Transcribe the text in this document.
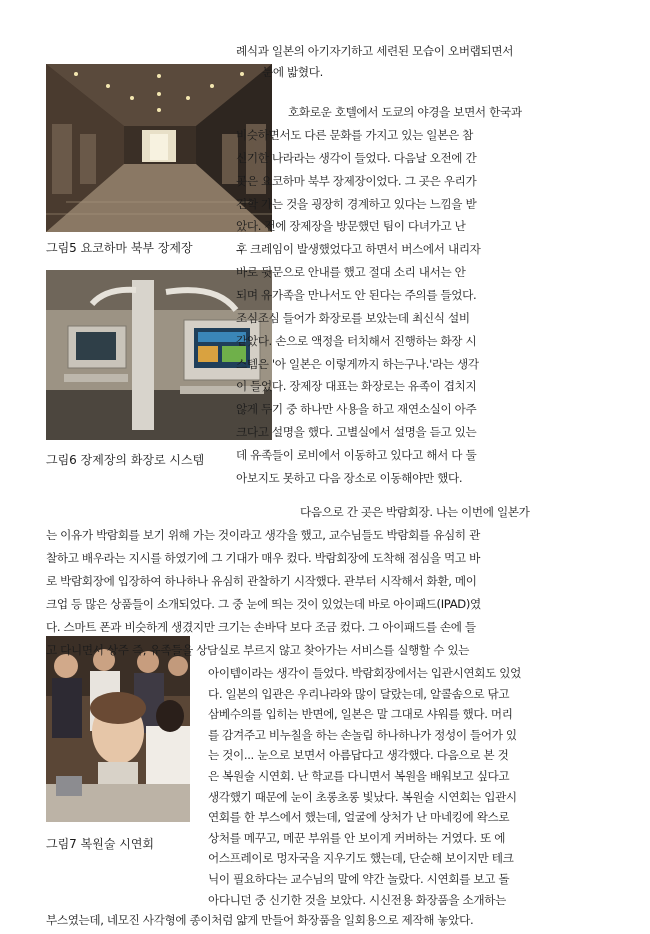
그림5 요코하마 북부 장제장
그림6 장제장의 화장로 시스템
그림7 복원술 시연회
례식과 일본의 아기자기하고 세련된 모습이 오버랩되면서
눈에 밟혔다.
호화로운 호텔에서 도쿄의 야경을 보면서 한국과
비슷하면서도 다른 문화를 가지고 있는 일본은 참
신기한 나라라는 생각이 들었다. 다음날 오전에 간
곳은 요코하마 북부 장제장이었다. 그 곳은 우리가
견학 가는 것을 굉장히 경계하고 있다는 느낌을 받
았다. 전에 장제장을 방문했던 팀이 다녀가고 난
후 크레임이 발생했었다고 하면서 버스에서 내리자
바로 뒷문으로 안내를 했고 절대 소리 내서는 안
되며 유가족을 만나서도 안 된다는 주의를 들었다.
조심조심 들어가 화장로를 보았는데 최신식 설비
같았다. 손으로 액정을 터치해서 진행하는 화장 시
스템은 '아 일본은 이렇게까지 하는구나.'라는 생각
이 들었다. 장제장 대표는 화장로는 유족이 겹치지
않게 두기 중 하나만 사용을 하고 재연소실이 아주
크다고 설명을 했다. 고별실에서 설명을 듣고 있는
데 유족들이 로비에서 이동하고 있다고 해서 다 둘
아보지도 못하고 다음 장소로 이동해야만 했다.
다음으로 간 곳은 박람회장. 나는 이번에 일본가
는 이유가 박람회를 보기 위해 가는 것이라고 생각을 했고, 교수님들도 박람회를 유심히 관
찰하고 배우라는 지시를 하였기에 그 기대가 매우 컸다. 박람회장에 도착해 점심을 먹고 바
로 박람회장에 입장하여 하나하나 유심히 관찰하기 시작했다. 관부터 시작해서 화환, 메이
크업 등 많은 상품들이 소개되었다. 그 중 눈에 띄는 것이 있었는데 바로 아이패드(IPAD)였
다. 스마트 폰과 비슷하게 생겼지만 크기는 손바닥 보다 조금 컸다. 그 아이패드를 손에 들
고 다니면서 상주 즉, 유족들을 상담실로 부르지 않고 찾아가는 서비스를 실행할 수 있는
아이템이라는 생각이 들었다. 박람회장에서는 입관시연회도 있었
다. 일본의 입관은 우리나라와 많이 달랐는데, 알콜솜으로 닦고
삼베수의를 입히는 반면에, 일본은 말 그대로 샤워를 했다. 머리
를 감겨주고 비누칠을 하는 손놀림 하나하나가 정성이 들어가 있
는 것이... 눈으로 보면서 아름답다고 생각했다. 다음으로 본 것
은 복원술 시연회. 난 학교를 다니면서 복원을 배워보고 싶다고
생각했기 때문에 눈이 초롱초롱 빛났다. 복원술 시연회는 입관시
연회를 한 부스에서 했는데, 얼굴에 상처가 난 마네킹에 왁스로
상처를 메꾸고, 메꾼 부위를 안 보이게 커버하는 거였다. 또 에
어스프레이로 멍자국을 지우기도 했는데, 단순해 보이지만 테크
닉이 필요하다는 교수님의 말에 약간 놀랐다. 시연회를 보고 돌
아다니던 중 신기한 것을 보았다. 시신전용 화장품을 소개하는
부스였는데, 네모진 사각형에 종이처럼 얇게 만들어 화장품을 일회용으로 제작해 놓았다.
